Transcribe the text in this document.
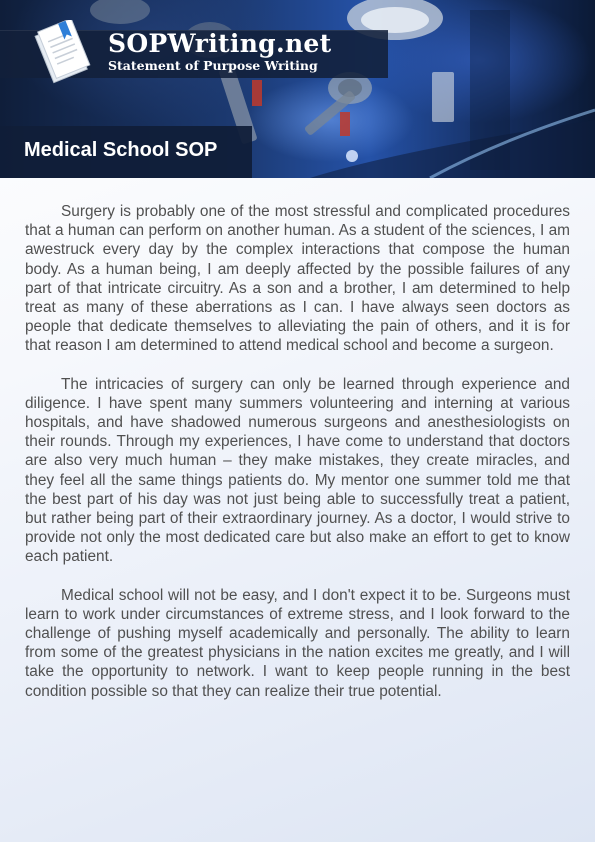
SOPWriting.net
Statement of Purpose Writing
Medical School SOP

Surgery is probably one of the most stressful and complicated procedures that a human can perform on another human. As a student of the sciences, I am awestruck every day by the complex interactions that compose the human body. As a human being, I am deeply affected by the possible failures of any part of that intricate circuitry. As a son and a brother, I am determined to help treat as many of these aberrations as I can. I have always seen doctors as people that dedicate themselves to alleviating the pain of others, and it is for that reason I am determined to attend medical school and become a surgeon.

The intricacies of surgery can only be learned through experience and diligence. I have spent many summers volunteering and interning at various hospitals, and have shadowed numerous surgeons and anesthesiologists on their rounds. Through my experiences, I have come to understand that doctors are also very much human – they make mistakes, they create miracles, and they feel all the same things patients do. My mentor one summer told me that the best part of his day was not just being able to successfully treat a patient, but rather being part of their extraordinary journey. As a doctor, I would strive to provide not only the most dedicated care but also make an effort to get to know each patient.

Medical school will not be easy, and I don't expect it to be. Surgeons must learn to work under circumstances of extreme stress, and I look forward to the challenge of pushing myself academically and personally. The ability to learn from some of the greatest physicians in the nation excites me greatly, and I will take the opportunity to network. I want to keep people running in the best condition possible so that they can realize their true potential.
